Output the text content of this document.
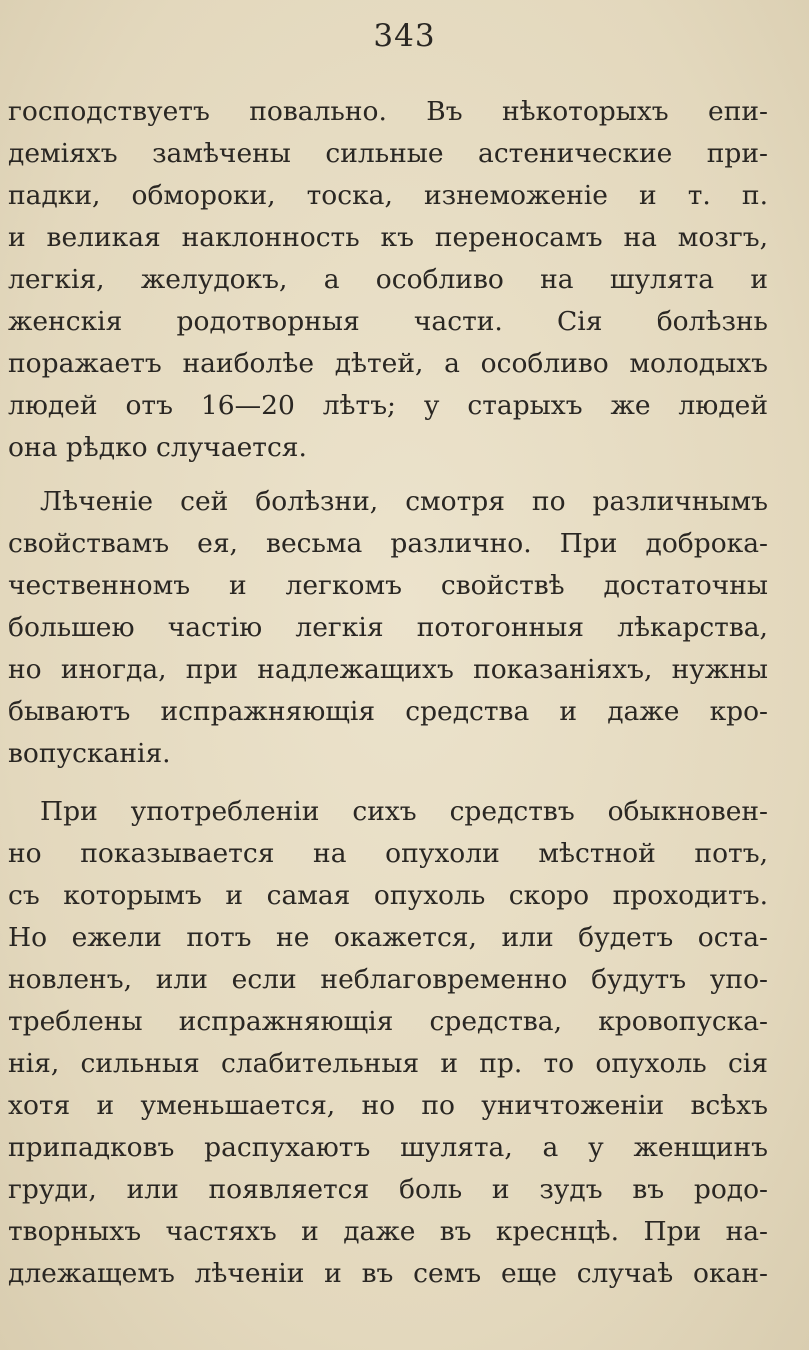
343
господствуетъ повально. Въ нѣкоторыхъ епи-
деміяхъ замѣчены сильные астенические при-
падки, обмороки, тоска, изнеможеніе и т. п.
и великая наклонность къ переносамъ на мозгъ,
легкія, желудокъ, а особливо на шулята и
женскія родотворныя части. Сія болѣзнь
поражаетъ наиболѣе дѣтей, а особливо молодыхъ
людей отъ 16—20 лѣтъ; у старыхъ же людей
она рѣдко случается.
Лѣченіе сей болѣзни, смотря по различнымъ
свойствамъ ея, весьма различно. При доброка-
чественномъ и легкомъ свойствѣ достаточны
большею частію легкія потогонныя лѣкарства,
но иногда, при надлежащихъ показаніяхъ, нужны
бываютъ испражняющія средства и даже кро-
вопусканія.
При употребленіи сихъ средствъ обыкновен-
но показывается на опухоли мѣстной потъ,
съ которымъ и самая опухоль скоро проходитъ.
Но ежели потъ не окажется, или будетъ оста-
новленъ, или если неблаговременно будутъ упо-
треблены испражняющія средства, кровопуска-
нія, сильныя слабительныя и пр. то опухоль сія
хотя и уменьшается, но по уничтоженіи всѣхъ
припадковъ распухаютъ шулята, а у женщинъ
груди, или появляется боль и зудъ въ родо-
творныхъ частяхъ и даже въ креснцѣ. При на-
длежащемъ лѣченіи и въ семъ еще случаѣ окан-
